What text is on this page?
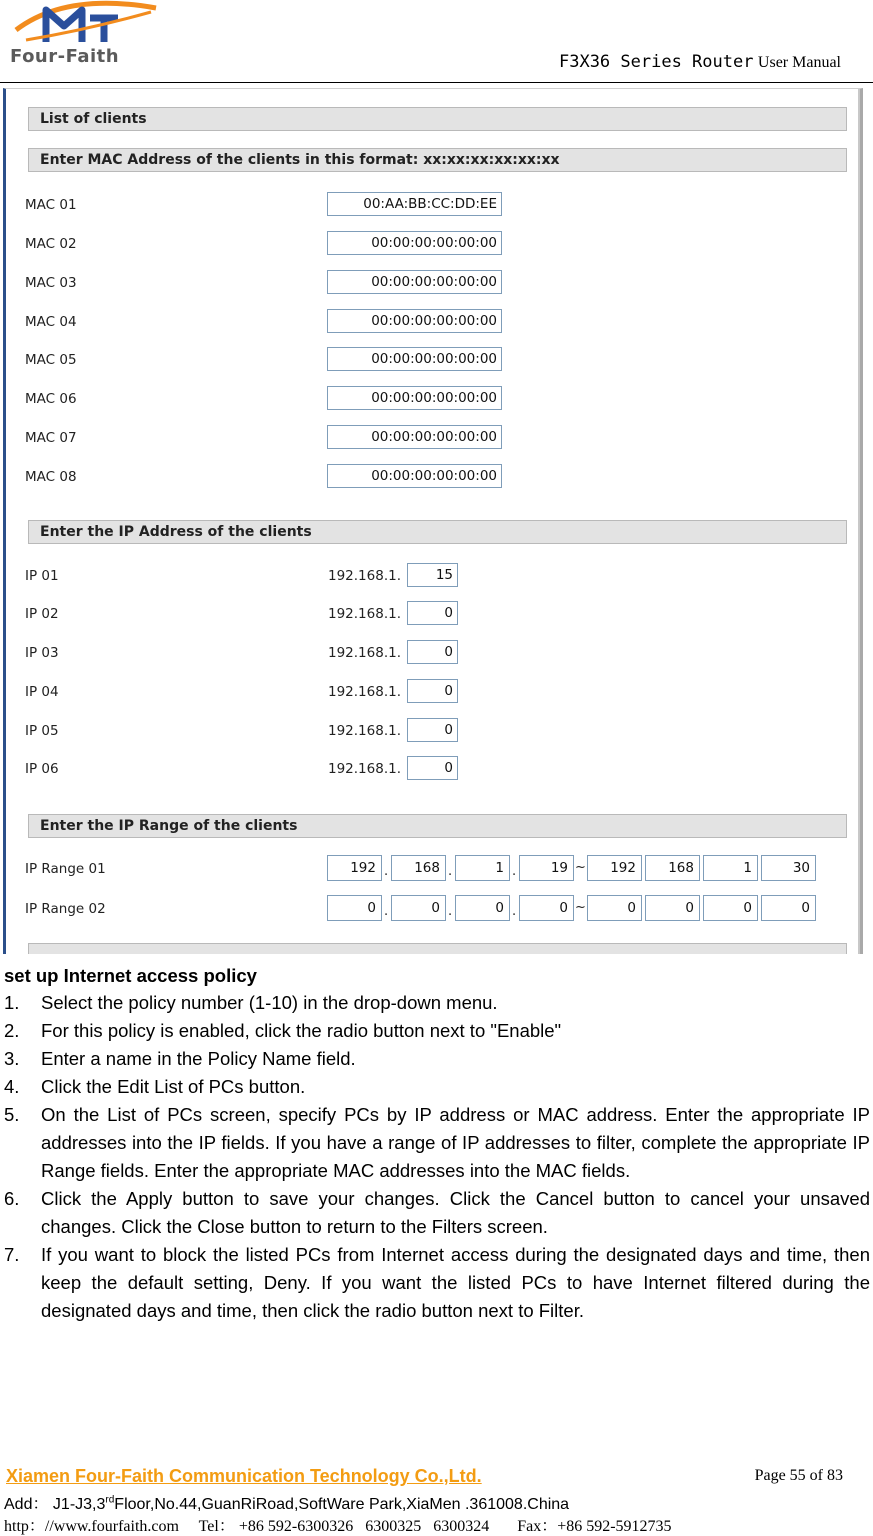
Four-Faith	F3X36 Series Router User Manual
List of clients
Enter MAC Address of the clients in this format: xx:xx:xx:xx:xx:xx
MAC 01	00:AA:BB:CC:DD:EE
MAC 02	00:00:00:00:00:00
MAC 03	00:00:00:00:00:00
MAC 04	00:00:00:00:00:00
MAC 05	00:00:00:00:00:00
MAC 06	00:00:00:00:00:00
MAC 07	00:00:00:00:00:00
MAC 08	00:00:00:00:00:00
Enter the IP Address of the clients
IP 01	192.168.1.	15
IP 02	192.168.1.	0
IP 03	192.168.1.	0
IP 04	192.168.1.	0
IP 05	192.168.1.	0
IP 06	192.168.1.	0
Enter the IP Range of the clients
IP Range 01	192 .	168 .	1 .	19 ~	192	168	1	30
IP Range 02	0 .	0 .	0 .	0 ~	0	0	0	0
set up Internet access policy
1. Select the policy number (1-10) in the drop-down menu.
2. For this policy is enabled, click the radio button next to "Enable"
3. Enter a name in the Policy Name field.
4. Click the Edit List of PCs button.
5. On the List of PCs screen, specify PCs by IP address or MAC address. Enter the appropriate IP addresses into the IP fields. If you have a range of IP addresses to filter, complete the appropriate IP Range fields. Enter the appropriate MAC addresses into the MAC fields.
6. Click the Apply button to save your changes. Click the Cancel button to cancel your unsaved changes. Click the Close button to return to the Filters screen.
7. If you want to block the listed PCs from Internet access during the designated days and time, then keep the default setting, Deny. If you want the listed PCs to have Internet filtered during the designated days and time, then click the radio button next to Filter.
Xiamen Four-Faith Communication Technology Co.,Ltd.	Page 55 of 83
Add： J1-J3,3rdFloor,No.44,GuanRiRoad,SoftWare Park,XiaMen .361008.China
http：//www.fourfaith.com     Tel： +86 592-6300326   6300325   6300324       Fax：+86 592-5912735
